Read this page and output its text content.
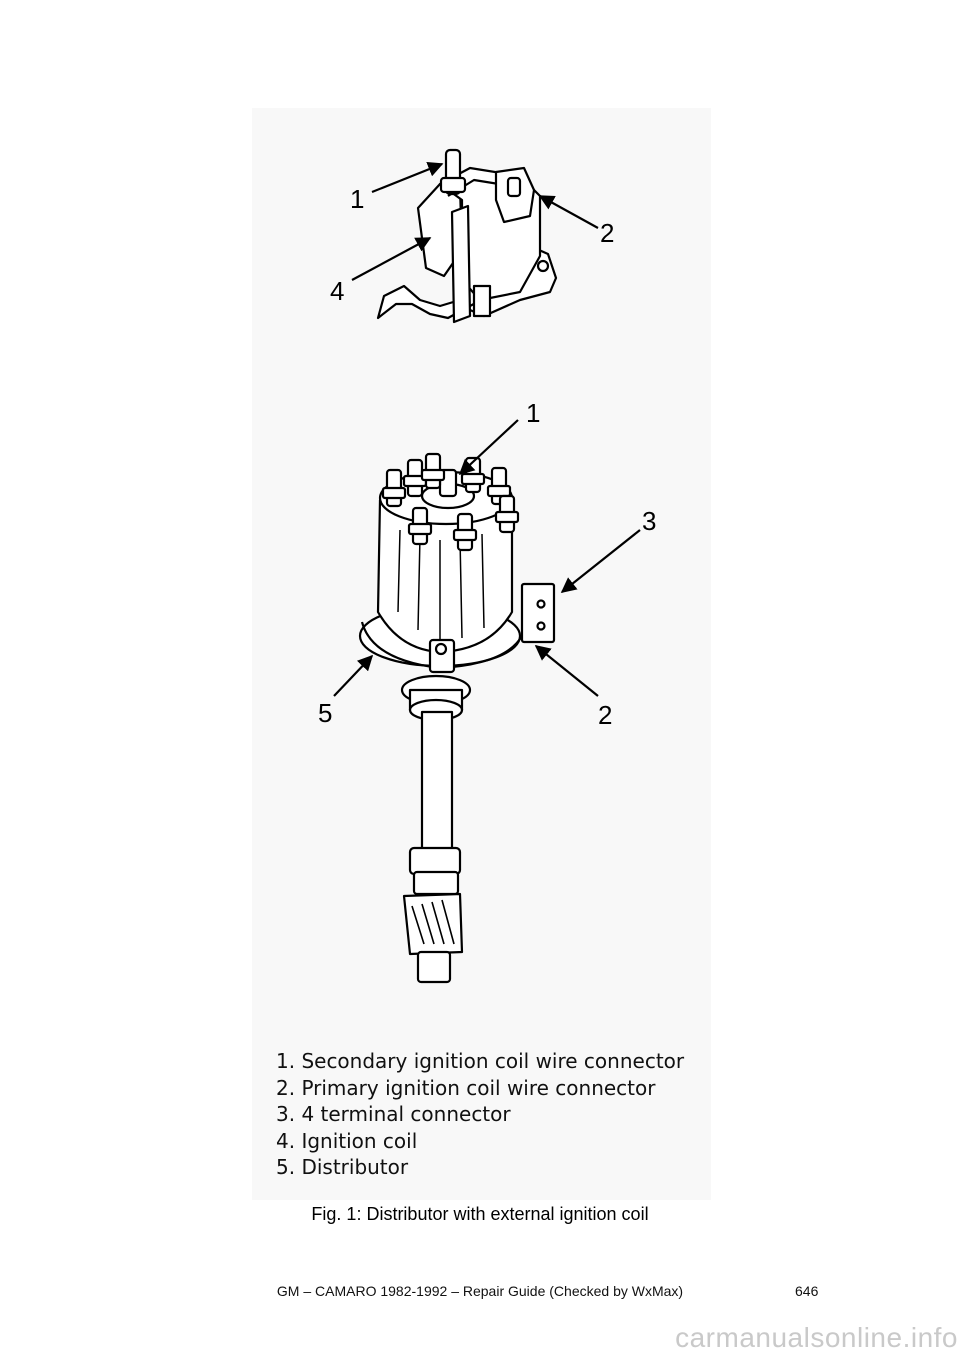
1
2
4
1
3
2
5
1. Secondary ignition coil wire connector
2. Primary ignition coil wire connector
3. 4 terminal connector
4. Ignition coil
5. Distributor
Fig. 1: Distributor with external ignition coil
GM – CAMARO 1982-1992 – Repair Guide (Checked by WxMax)	646
carmanualsonline.info
